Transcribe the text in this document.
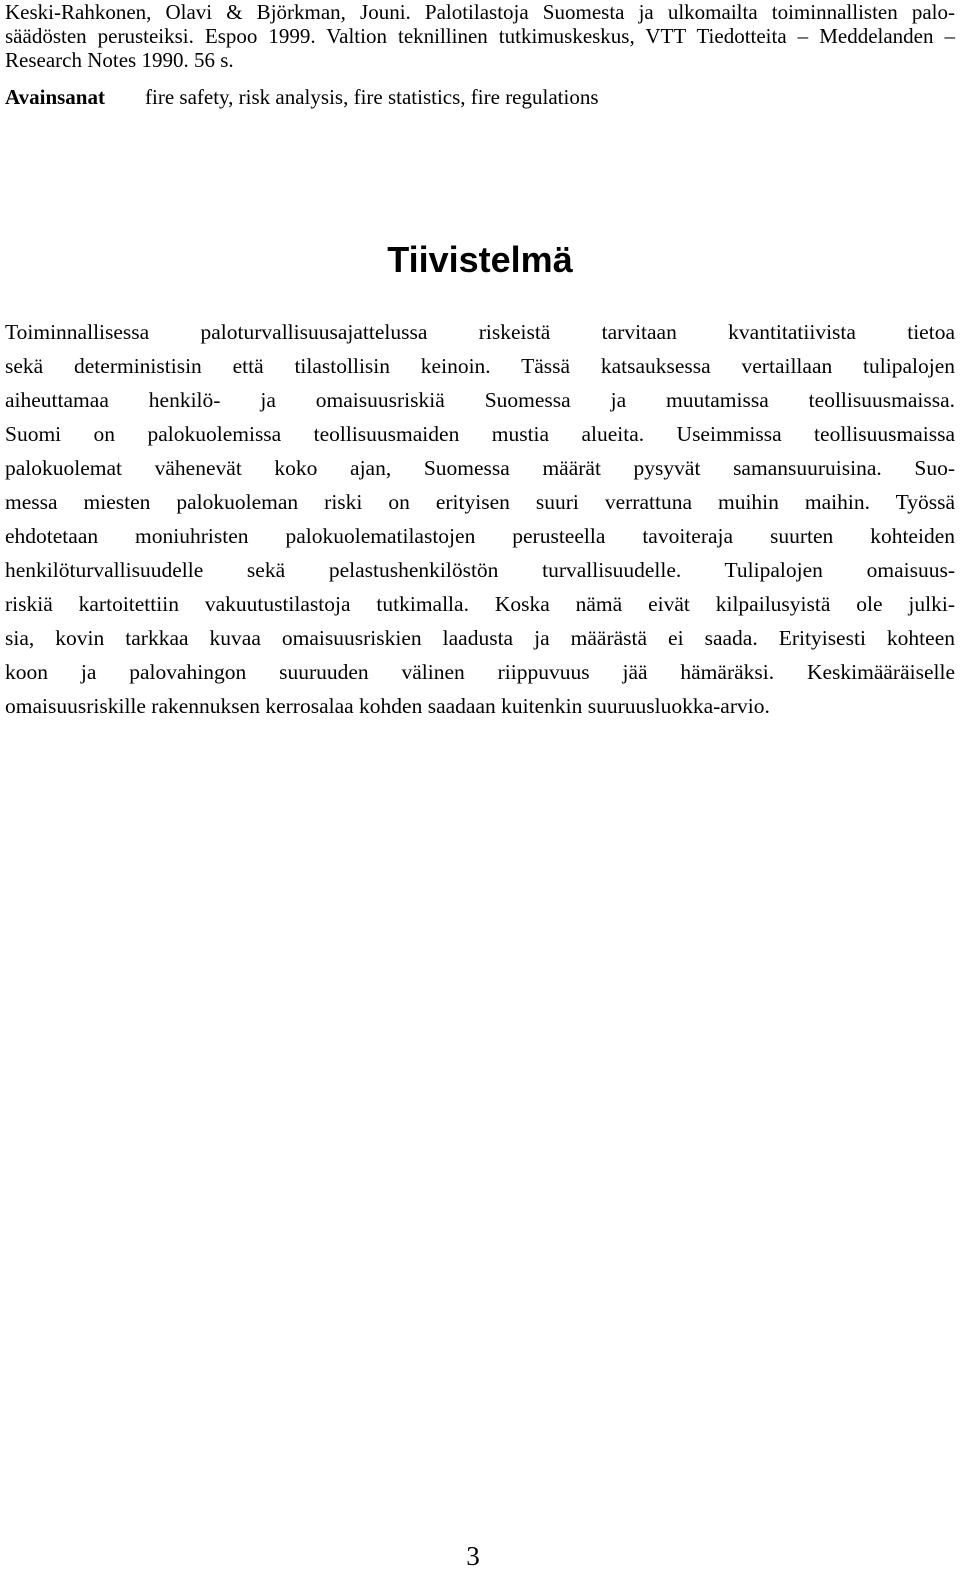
Keski-Rahkonen, Olavi & Björkman, Jouni. Palotilastoja Suomesta ja ulkomailta toiminnallisten palo-
säädösten perusteiksi. Espoo 1999. Valtion teknillinen tutkimuskeskus, VTT Tiedotteita – Meddelanden –
Research Notes 1990. 56 s.
Avainsanat fire safety, risk analysis, fire statistics, fire regulations
Tiivistelmä
Toiminnallisessa paloturvallisuusajattelussa riskeistä tarvitaan kvantitatiivista tietoa
sekä deterministisin että tilastollisin keinoin. Tässä katsauksessa vertaillaan tulipalojen
aiheuttamaa henkilö- ja omaisuusriskiä Suomessa ja muutamissa teollisuusmaissa.
Suomi on palokuolemissa teollisuusmaiden mustia alueita. Useimmissa teollisuusmaissa
palokuolemat vähenevät koko ajan, Suomessa määrät pysyvät samansuuruisina. Suo-
messa miesten palokuoleman riski on erityisen suuri verrattuna muihin maihin. Työssä
ehdotetaan moniuhristen palokuolematilastojen perusteella tavoiteraja suurten kohteiden
henkilöturvallisuudelle sekä pelastushenkilöstön turvallisuudelle. Tulipalojen omaisuus-
riskiä kartoitettiin vakuutustilastoja tutkimalla. Koska nämä eivät kilpailusyistä ole julki-
sia, kovin tarkkaa kuvaa omaisuusriskien laadusta ja määrästä ei saada. Erityisesti kohteen
koon ja palovahingon suuruuden välinen riippuvuus jää hämäräksi. Keskimääräiselle
omaisuusriskille rakennuksen kerrosalaa kohden saadaan kuitenkin suuruusluokka-arvio.
3
